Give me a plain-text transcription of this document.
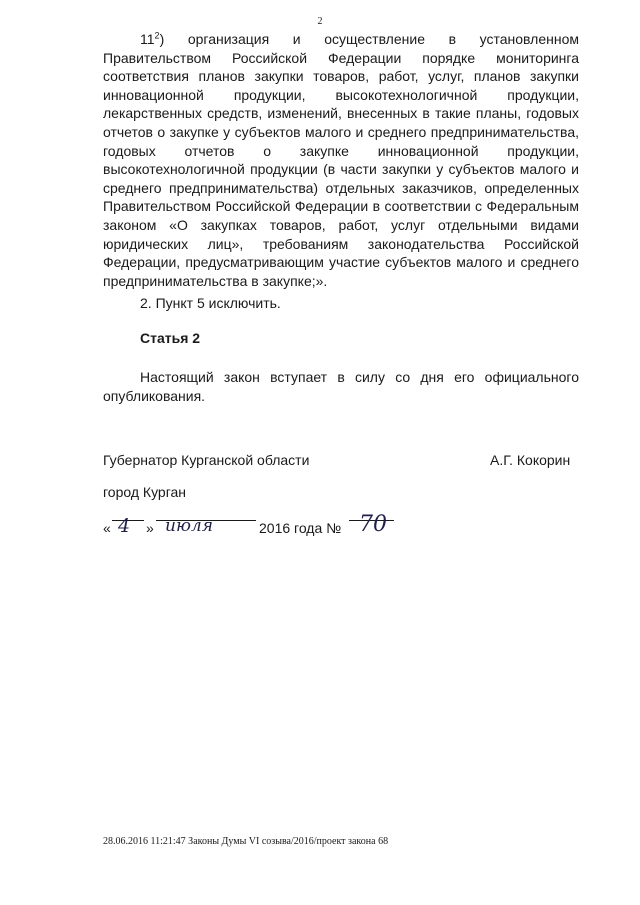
2

$11^2$) организация и осуществление в установленном Правительством Российской Федерации порядке мониторинга соответствия планов закупки товаров, работ, услуг, планов закупки инновационной продукции, высокотехнологичной продукции, лекарственных средств, изменений, внесенных в такие планы, годовых отчетов о закупке у субъектов малого и среднего предпринимательства, годовых отчетов о закупке инновационной продукции, высокотехнологичной продукции (в части закупки у субъектов малого и среднего предпринимательства) отдельных заказчиков, определенных Правительством Российской Федерации в соответствии с Федеральным законом «О закупках товаров, работ, услуг отдельными видами юридических лиц», требованиям законодательства Российской Федерации, предусматривающим участие субъектов малого и среднего предпринимательства в закупке;».

2. Пункт 5 исключить.
Статья 2

Настоящий закон вступает в силу со дня его официального опубликования.

Губернатор Курганской области	А.Г. Кокорин
город Курган
« 4 » июля	2016 года № 70
28.06.2016 11:21:47 Законы Думы VI созыва/2016/проект закона 68
